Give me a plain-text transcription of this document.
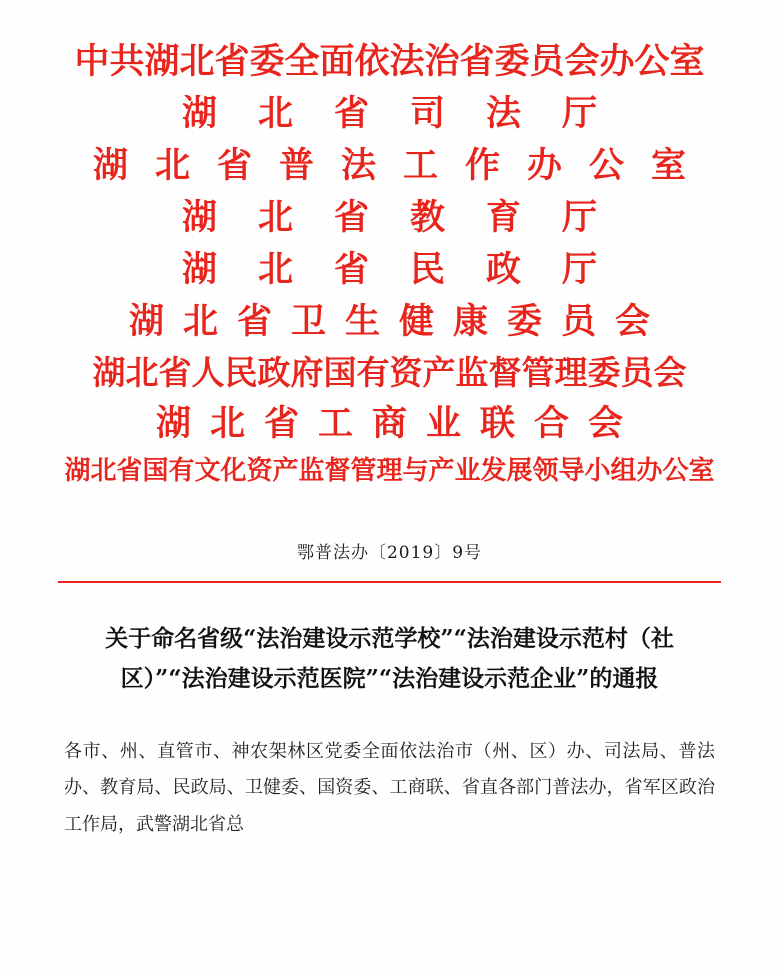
中共湖北省委全面依法治省委员会办公室
湖北省司法厅
湖北省普法工作办公室
湖北省教育厅
湖北省民政厅
湖北省卫生健康委员会
湖北省人民政府国有资产监督管理委员会
湖北省工商业联合会
湖北省国有文化资产监督管理与产业发展领导小组办公室
鄂普法办〔2019〕9号
关于命名省级“法治建设示范学校”“法治建设示范村（社区）”“法治建设示范医院”“法治建设示范企业”的通报

各市、州、直管市、神农架林区党委全面依法治市（州、区）办、司法局、普法办、教育局、民政局、卫健委、国资委、工商联、省直各部门普法办，省军区政治工作局，武警湖北省总
